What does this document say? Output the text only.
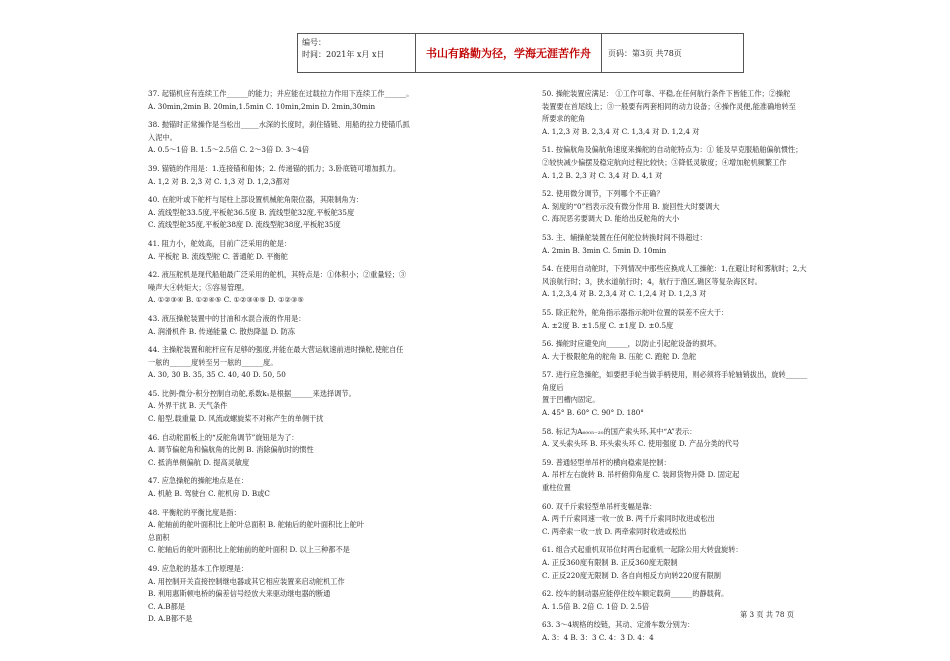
编号：
时间：2021年 x月 x日	书山有路勤为径，学海无涯苦作舟	页码：第3页 共78页
37. 起锚机应有连续工作______的能力；并应能在过载拉力作用下连续工作______。
A. 30min,2min B. 20min,1.5min C. 10min,2min D. 2min,30min
38. 抛锚时正常操作是当松出_____水深的长度时，刹住锚链、用船的拉力使锚爪抓
入泥中。
A. 0.5～1倍 B. 1.5～2.5倍 C. 2～3倍 D. 3～4倍
39. 锚链的作用是：1.连接锚和船体；2. 传递锚的抓力；3.卧底链可增加抓力。
A. 1,2 对 B. 2,3 对 C. 1,3 对 D. 1,2,3都对
40. 在舵叶或下舵杆与尾柱上部设置机械舵角限位器，其限制角为：
A. 流线型舵33.5度,平板舵36.5度 B. 流线型舵32度,平板舵35度
C. 流线型舵35度,平板舵38度 D. 流线型舵38度,平板舵35度
41. 阻力小，舵效高，目前广泛采用的舵是：
A. 平板舵 B. 流线型舵 C. 普通舵 D. 平衡舵
42. 液压舵机是现代船舶最广泛采用的舵机，其特点是：①体积小；②重量轻；③
噪声大④转矩大；⑤容易管理。
A. ①②③④ B. ①②④⑤ C. ①②③④⑤ D. ①②③⑤
43. 液压操舵装置中的甘油和水混合液的作用是：
A. 润滑机件 B. 传递能量 C. 散热降温 D. 防冻
44. 主操舵装置和舵杆应有足够的强度,并能在最大营运航速前进时操舵,使舵自任
一舷的______度转至另一舷的______度。
A. 30, 30 B. 35, 35 C. 40, 40 D. 50, 50
45. 比例-微分-积分控制自动舵,系数k₁是根据______来选择调节。
A. 外界干扰 B. 天气条件
C. 船型,载重量 D. 风流或螺旋桨不对称产生的单侧干扰
46. 自动舵面板上的“反舵角调节”旋钮是为了：
A. 调节偏舵角和偏航角的比例 B. 消除偏航时的惯性
C. 抵消单侧偏航 D. 提高灵敏度
47. 应急操舵的操舵地点是在：
A. 机舱 B. 驾驶台 C. 舵机房 D. B或C
48. 平衡舵的平衡比度是指：
A. 舵轴前的舵叶面积比上舵叶总面积 B. 舵轴后的舵叶面积比上舵叶
总面积
C. 舵轴后的舵叶面积比上舵轴前的舵叶面积 D. 以上三种都不是
49. 应急舵的基本工作原理是：
A. 用控制开关直接控制继电器或其它相应装置来启动舵机工作
B. 利用惠斯顿电桥的偏差信号经放大来驱动继电器的断通
C. A.B都是
D. A.B都不是
50. 操舵装置应满足： ①工作可靠、平稳,在任何航行条件下皆能工作；②操舵
装置要在首尾线上；③一般要有两套相同的动力设备；④操作灵便,能准确地转至
所要求的舵角
A. 1,2,3 对 B. 2,3,4 对 C. 1,3,4 对 D. 1,2,4 对
51. 按偏航角及偏航角速度来操舵的自动舵特点为：① 能及早克服船舶偏航惯性；
②较快减少偏摆及稳定航向过程比较快；③降低灵敏度；④增加舵机频繁工作
A. 1,2 B. 2,3 对 C. 3,4 对 D. 4,1 对
52. 使用微分调节，下列哪个不正确？
A. 刻度的“0”档表示没有微分作用 B. 旋回性大时要调大
C. 海况恶劣要调大 D. 能给出反舵角的大小
53. 主、辅操舵装置在任何舵位转换时间不得超过：
A. 2min B. 3min C. 5min D. 10min
54. 在使用自动舵时，下列情况中那些应换成人工操舵：1,在避让时和雾航时；2,大
风浪航行时；3，狭水道航行时；4，航行于渔区,礁区等复杂海区时。
A. 1,2,3,4 对 B. 2,3,4 对 C. 1,2,4 对 D. 1,2,3 对
55. 除正舵外，舵角指示器指示舵叶位置的误差不应大于：
A. ±2度 B. ±1.5度 C. ±1度 D. ±0.5度
56. 操舵时应避免向______，以防止引起舵设备的损坏。
A. 大于极限舵角的舵角 B. 压舵 C. 跑舵 D. 急舵
57. 进行应急操舵，如要把手轮当做手柄使用，则必须将手轮轴销拔出，旋转______
角度后
置于凹槽内固定。
A. 45° B. 60° C. 90° D. 180°
58. 标记为A₆₀₀₅₋₂₀的国产索头环,其中“A”表示：
A. 叉头索头环 B. 环头索头环 C. 使用强度 D. 产品分类的代号
59. 普通轻型单吊杆的横向稳索是控制：
A. 吊杆左右旋转 B. 吊杆俯仰角度 C. 装卸货物升降 D. 固定起
重柱位置
60. 双千斤索轻型单吊杆变幅是靠：
A. 两千斤索同速一收一放 B. 两千斤索同时收进或松出
C. 两牵索一收一放 D. 两牵索同时收进或松出
61. 组合式起重机双吊位时两台起重机一起除公用大转盘旋转：
A. 正反360度有限制 B. 正反360度无限制
C. 正反220度无限制 D. 各自向相反方向转220度有限制
62. 绞车的制动器应能停住绞车额定载荷______的静载荷。
A. 1.5倍 B. 2倍 C. 1倍 D. 2.5倍
63. 3～4规格的绞链，其动、定滑车数分别为：
A. 3：4 B. 3：3 C. 4：3 D. 4：4
第 3 页 共 78 页
